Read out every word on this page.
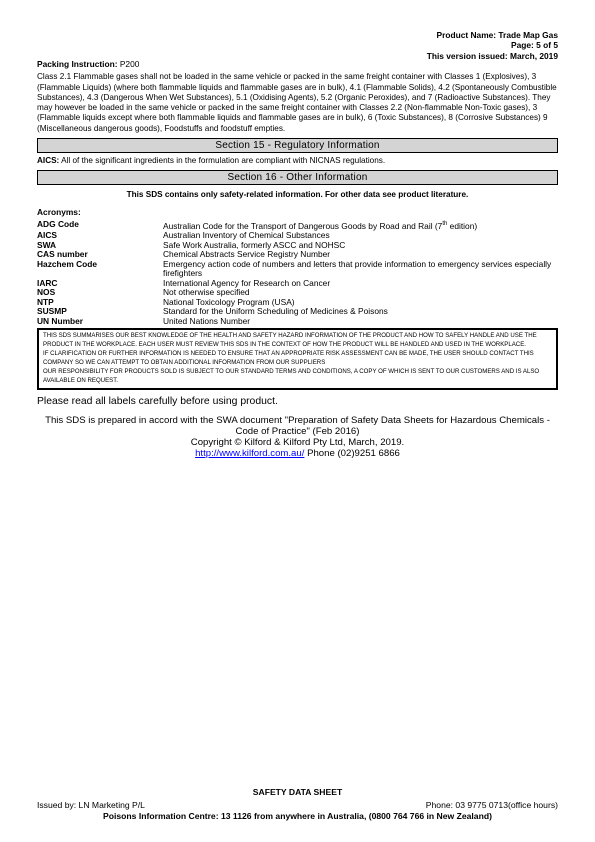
Product Name: Trade Map Gas
Page: 5 of 5
This version issued: March, 2019
Packing Instruction: P200
Class 2.1 Flammable gases shall not be loaded in the same vehicle or packed in the same freight container with Classes 1 (Explosives), 3 (Flammable Liquids) (where both flammable liquids and flammable gases are in bulk), 4.1 (Flammable Solids), 4.2 (Spontaneously Combustible Substances), 4.3 (Dangerous When Wet Substances), 5.1 (Oxidising Agents), 5.2 (Organic Peroxides), and 7 (Radioactive Substances). They may however be loaded in the same vehicle or packed in the same freight container with Classes 2.2 (Non-flammable Non-Toxic gases), 3 (Flammable liquids except where both flammable liquids and flammable gases are in bulk), 6 (Toxic Substances), 8 (Corrosive Substances) 9 (Miscellaneous dangerous goods), Foodstuffs and foodstuff empties.
Section 15 - Regulatory Information
AICS: All of the significant ingredients in the formulation are compliant with NICNAS regulations.
Section 16 - Other Information
This SDS contains only safety-related information. For other data see product literature.
Acronyms:
ADG Code	Australian Code for the Transport of Dangerous Goods by Road and Rail (7th edition)
AICS	Australian Inventory of Chemical Substances
SWA	Safe Work Australia, formerly ASCC and NOHSC
CAS number	Chemical Abstracts Service Registry Number
Hazchem Code	Emergency action code of numbers and letters that provide information to emergency services especially firefighters
IARC	International Agency for Research on Cancer
NOS	Not otherwise specified
NTP	National Toxicology Program (USA)
SUSMP	Standard for the Uniform Scheduling of Medicines & Poisons
UN Number	United Nations Number

THIS SDS SUMMARISES OUR BEST KNOWLEDGE OF THE HEALTH AND SAFETY HAZARD INFORMATION OF THE PRODUCT AND HOW TO SAFELY HANDLE AND USE THE PRODUCT IN THE WORKPLACE. EACH USER MUST REVIEW THIS SDS IN THE CONTEXT OF HOW THE PRODUCT WILL BE HANDLED AND USED IN THE WORKPLACE.

IF CLARIFICATION OR FURTHER INFORMATION IS NEEDED TO ENSURE THAT AN APPROPRIATE RISK ASSESSMENT CAN BE MADE, THE USER SHOULD CONTACT THIS COMPANY SO WE CAN ATTEMPT TO OBTAIN ADDITIONAL INFORMATION FROM OUR SUPPLIERS

OUR RESPONSIBILITY FOR PRODUCTS SOLD IS SUBJECT TO OUR STANDARD TERMS AND CONDITIONS, A COPY OF WHICH IS SENT TO OUR CUSTOMERS AND IS ALSO AVAILABLE ON REQUEST.

Please read all labels carefully before using product.
This SDS is prepared in accord with the SWA document "Preparation of Safety Data Sheets for Hazardous Chemicals - Code of Practice" (Feb 2016)
Copyright © Kilford & Kilford Pty Ltd, March, 2019.
http://www.kilford.com.au/ Phone (02)9251 6866
SAFETY DATA SHEET
Issued by: LN Marketing P/L	Phone: 03 9775 0713(office hours)
Poisons Information Centre: 13 1126 from anywhere in Australia, (0800 764 766 in New Zealand)
